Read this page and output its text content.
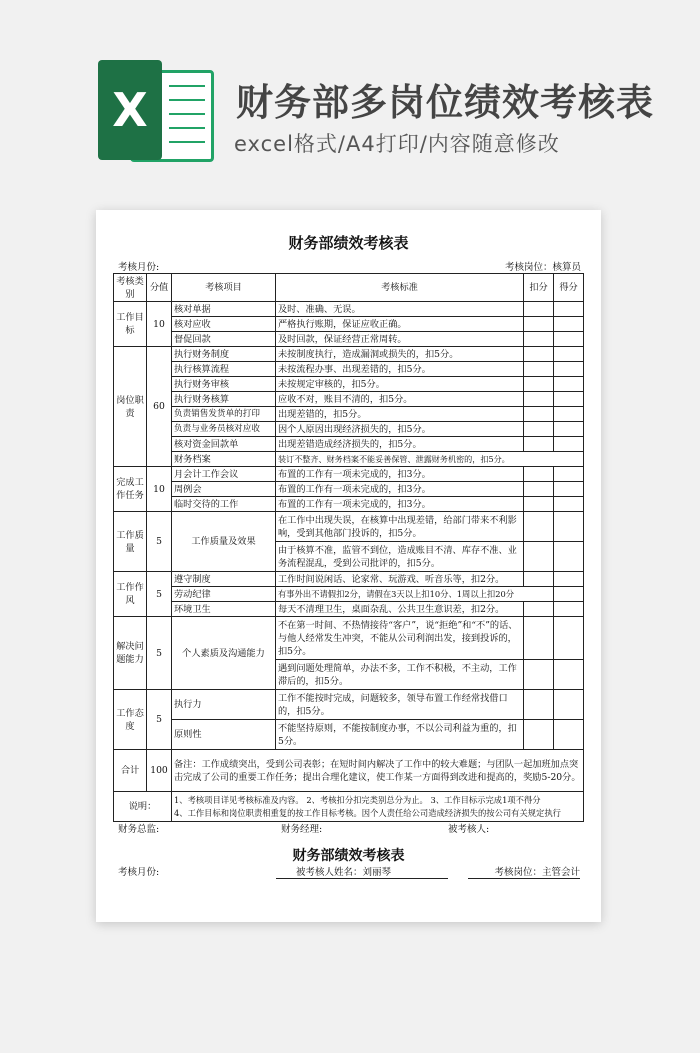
X	财务部多岗位绩效考核表
excel格式/A4打印/内容随意修改
财务部绩效考核表
考核月份:	考核岗位：核算员
考核类别	分值	考核项目	考核标准	扣分	得分
工作目标	10	核对单据	及时、准确、无误。		
		核对应收	严格执行账期，保证应收正确。		
		督促回款	及时回款，保证经营正常周转。		
岗位职责	60	执行财务制度	未按制度执行，造成漏洞或损失的，扣5分。		
		执行核算流程	未按流程办事、出现差错的，扣5分。		
		执行财务审核	未按规定审核的，扣5分。		
		执行财务核算	应收不对，账目不清的，扣5分。		
		负责销售发货单的打印	出现差错的，扣5分。		
		负责与业务员核对应收	因个人原因出现经济损失的，扣5分。		
		核对资金回款单	出现差错造成经济损失的，扣5分。		
		财务档案	装订不整齐、财务档案不能妥善保管、泄露财务机密的，扣5分。		
完成工作任务	10	月会计工作会议	布置的工作有一项未完成的，扣3分。		
		周例会	布置的工作有一项未完成的，扣3分。		
		临时交待的工作	布置的工作有一项未完成的，扣3分。		
工作质量	5	工作质量及效果	在工作中出现失误，在核算中出现差错，给部门带来不利影响，受到其他部门投诉的，扣5分。		
			由于核算不准，监管不到位，造成账目不清、库存不准、业务流程混乱，受到公司批评的，扣5分。		
工作作风	5	遵守制度	工作时间说闲话、论家常、玩游戏、听音乐等，扣2分。		
		劳动纪律	有事外出不请假扣2分，请假在3天以上扣10分、1周以上扣20分		
		环境卫生	每天不清理卫生，桌面杂乱、公共卫生意识差，扣2分。		
解决问题能力	5	个人素质及沟通能力	不在第一时间、不热情接待“客户”，说“拒绝”和“不”的话、与他人经常发生冲突，不能从公司利润出发，接到投诉的，扣5分。		
			遇到问题处理简单，办法不多，工作不积极，不主动，工作滞后的，扣5分。		
工作态度	5	执行力	工作不能按时完成，问题较多，领导布置工作经常找借口的，扣5分。		
		原则性	不能坚持原则，不能按制度办事，不以公司利益为重的，扣5分。		
合计	100	备注：工作成绩突出，受到公司表彰；在短时间内解决了工作中的较大难题；与团队一起加班加点突击完成了公司的重要工作任务；提出合理化建议，使工作某一方面得到改进和提高的，奖励5-20分。			
说明：		1、考核项目详见考核标准及内容。 2、考核扣分扣完类别总分为止。 3、工作目标示完成1项不得分
4、工作目标和岗位职责相重复的按工作目标考核。因个人责任给公司造成经济损失的按公司有关规定执行			
财务总监:	财务经理:	被考核人:
财务部绩效考核表
考核月份:	被考核人姓名：刘丽琴	考核岗位：主管会计
